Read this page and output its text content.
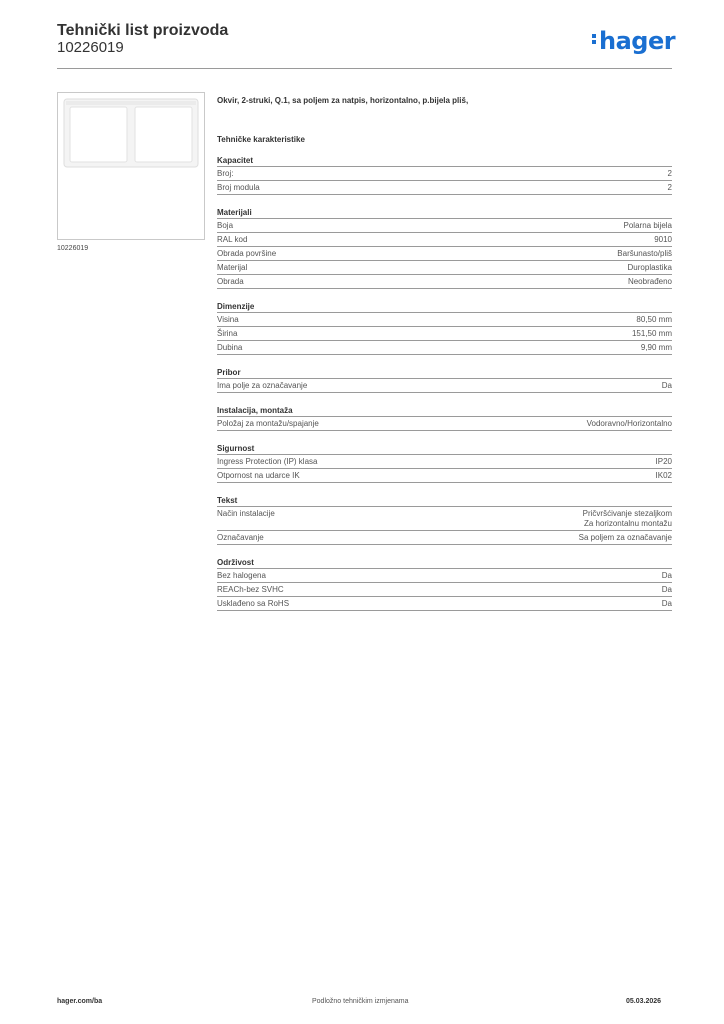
Tehnički list proizvoda
10226019	hager
10226019
Okvir, 2-struki, Q.1, sa poljem za natpis, horizontalno, p.bijela pliš,
Tehničke karakteristike
Kapacitet
Broj:	2
Broj modula	2
Materijali
Boja	Polarna bijela
RAL kod	9010
Obrada površine	Baršunasto/pliš
Materijal	Duroplastika
Obrada	Neobrađeno
Dimenzije
Visina	80,50 mm
Širina	151,50 mm
Dubina	9,90 mm
Pribor
Ima polje za označavanje	Da
Instalacija, montaža
Položaj za montažu/spajanje	Vodoravno/Horizontalno
Sigurnost
Ingress Protection (IP) klasa	IP20
Otpornost na udarce IK	IK02
Tekst
Način instalacije	Pričvršćivanje stezaljkom
Za horizontalnu montažu
Označavanje	Sa poljem za označavanje
Održivost
Bez halogena	Da
REACh-bez SVHC	Da
Usklađeno sa RoHS	Da
hager.com/ba	Podložno tehničkim izmjenama	05.03.2026
